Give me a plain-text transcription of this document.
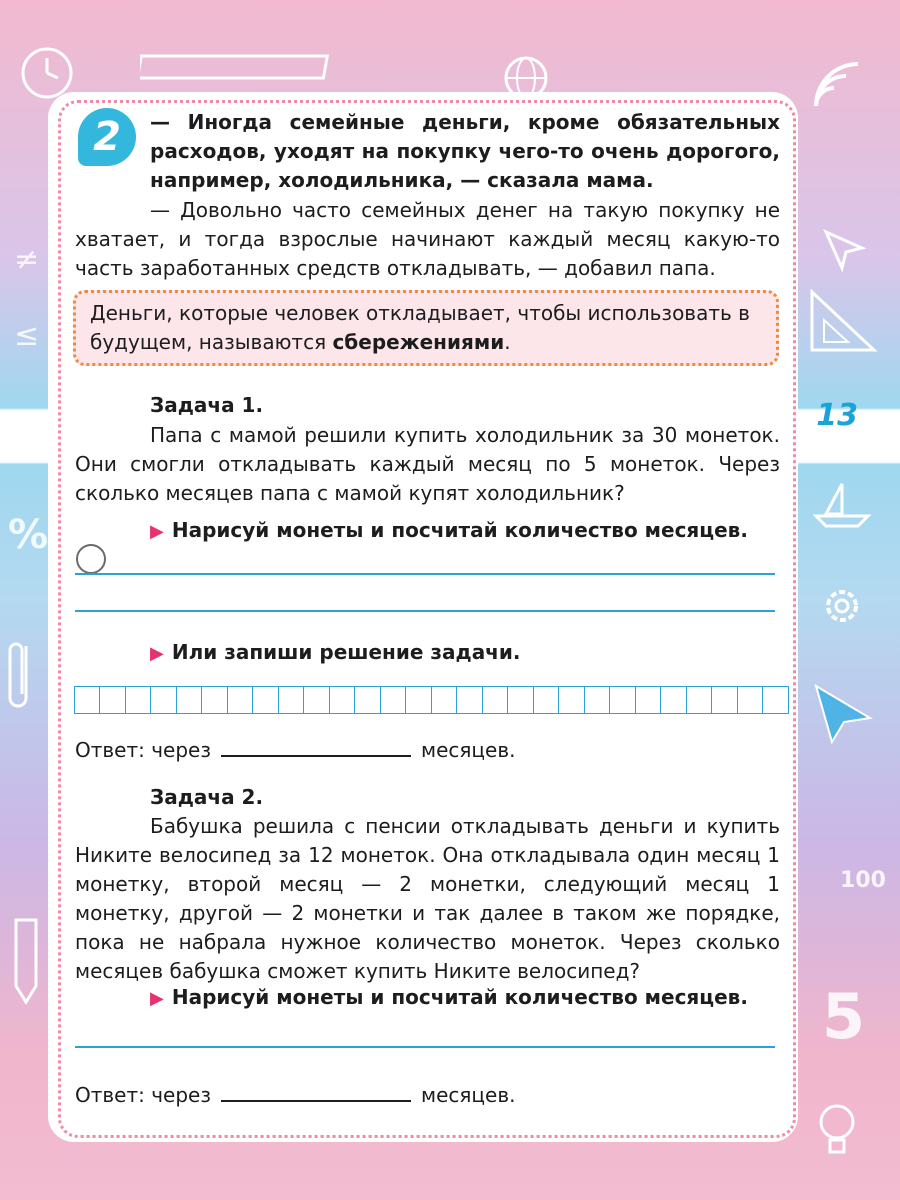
≠
≤
%
100
5
13
2	— Иногда семейные деньги, кроме обязательных расходов, уходят на покупку чего-то очень дорогого, например, холодильника, — сказала мама.
— Довольно часто семейных денег на такую покупку не хватает, и тогда взрослые начинают каждый месяц какую-то часть заработанных средств откладывать, — добавил папа.
Деньги, которые человек откладывает, чтобы использовать в будущем, называются сбережениями.
Задача 1.
Папа с мамой решили купить холодильник за 30 монеток. Они смогли откладывать каждый месяц по 5 монеток. Через сколько месяцев папа с мамой купят холодильник?
▶ Нарисуй монеты и посчитай количество месяцев.
▶ Или запиши решение задачи.
Ответ: через	месяцев.
Задача 2.
Бабушка решила с пенсии откладывать деньги и купить Никите велосипед за 12 монеток. Она откладывала один месяц 1 монетку, второй месяц — 2 монетки, следующий месяц 1 монетку, другой — 2 монетки и так далее в таком же порядке, пока не набрала нужное количество монеток. Через сколько месяцев бабушка сможет купить Никите велосипед?
▶ Нарисуй монеты и посчитай количество месяцев.
Ответ: через	месяцев.
